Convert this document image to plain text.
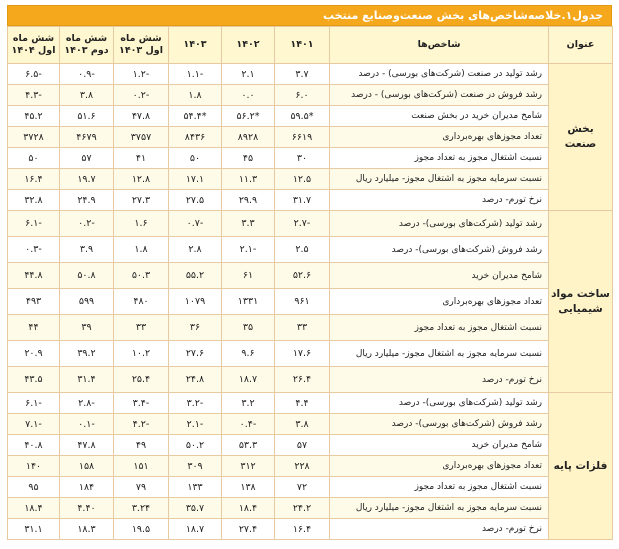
جدول۱.خلاصه‌شاخص‌های بخش صنعت‌وصنایع منتخب
عنوان	شاخص‌ها	۱۴۰۱	۱۴۰۲	۱۴۰۳	شش ماه اول ۱۴۰۳	شش ماه دوم ۱۴۰۳	شش ماه اول ۱۴۰۴
بخش صنعت	رشد تولید در صنعت (شرکت‌های بورسی) - درصد	۳.۷	۲.۱	-۱.۱	-۱.۲	-۰.۹	-۶.۵
	رشد فروش در صنعت (شرکت‌های بورسی) - درصد	۶.۰	۰.۰	۱.۸	-۰.۲	۳.۸	-۴.۳
	شامخ مدیران خرید در بخش صنعت	*۵۹.۵	*۵۶.۲	*۵۴.۴	۴۷.۸	۵۱.۶	۴۵.۲
	تعداد مجوزهای بهره‌برداری	۶۶۱۹	۸۹۲۸	۸۴۳۶	۳۷۵۷	۴۶۷۹	۳۷۲۸
	نسبت اشتغال مجوز به تعداد مجوز	۳۰	۴۵	۵۰	۴۱	۵۷	۵۰
	نسبت سرمایه مجوز به اشتغال مجوز- میلیارد ریال	۱۲.۵	۱۱.۳	۱۷.۱	۱۲.۸	۱۹.۷	۱۶.۴
	نرخ تورم- درصد	۳۱.۷	۲۹.۹	۲۷.۵	۲۷.۳	۲۴.۹	۳۲.۸
ساخت مواد شیمیایی	رشد تولید (شرکت‌های بورسی)- درصد	-۲.۷	۳.۳	-۰.۷	۱.۶	-۰.۲	-۶.۱
	رشد فروش (شرکت‌های بورسی)- درصد	۲.۵	-۲.۱	۲.۸	۱.۸	۳.۹	-۰.۳
	شامخ مدیران خرید	۵۲.۶	۶۱	۵۵.۲	۵۰.۳	۵۰.۸	۴۴.۸
	تعداد مجوزهای بهره‌برداری	۹۶۱	۱۳۳۱	۱۰۷۹	۴۸۰	۵۹۹	۴۹۳
	نسبت اشتغال مجوز به تعداد مجوز	۳۳	۳۵	۳۶	۳۳	۳۹	۴۴
	نسبت سرمایه مجوز به اشتغال مجوز- میلیارد ریال	۱۷.۶	۹.۶	۲۷.۶	۱۰.۲	۳۹.۲	۲۰.۹
	نرخ تورم- درصد	۲۶.۴	۱۸.۷	۲۴.۸	۲۵.۴	۳۱.۴	۴۳.۵
فلزات پایه	رشد تولید (شرکت‌های بورسی)- درصد	۴.۴	۳.۲	-۳.۲	-۳.۴	-۲.۸	-۶.۱
	رشد فروش (شرکت‌های بورسی)- درصد	۳.۸	-۰.۴	-۲.۱	-۴.۲	-۰.۱	-۷.۱
	شامخ مدیران خرید	۵۷	۵۳.۳	۵۰.۲	۴۹	۴۷.۸	۴۰.۸
	تعداد مجوزهای بهره‌برداری	۲۲۸	۳۱۲	۳۰۹	۱۵۱	۱۵۸	۱۴۰
	نسبت اشتغال مجوز به تعداد مجوز	۷۲	۱۳۸	۱۳۳	۷۹	۱۸۴	۹۵
	نسبت سرمایه مجوز به اشتغال مجوز- میلیارد ریال	۲۴.۲	۱۸.۴	۳۵.۷	۳.۲۴	۴.۴۰	۱۸.۴
	نرخ تورم- درصد	۱۶.۴	۲۷.۴	۱۸.۷	۱۹.۵	۱۸.۳	۳۱.۱
